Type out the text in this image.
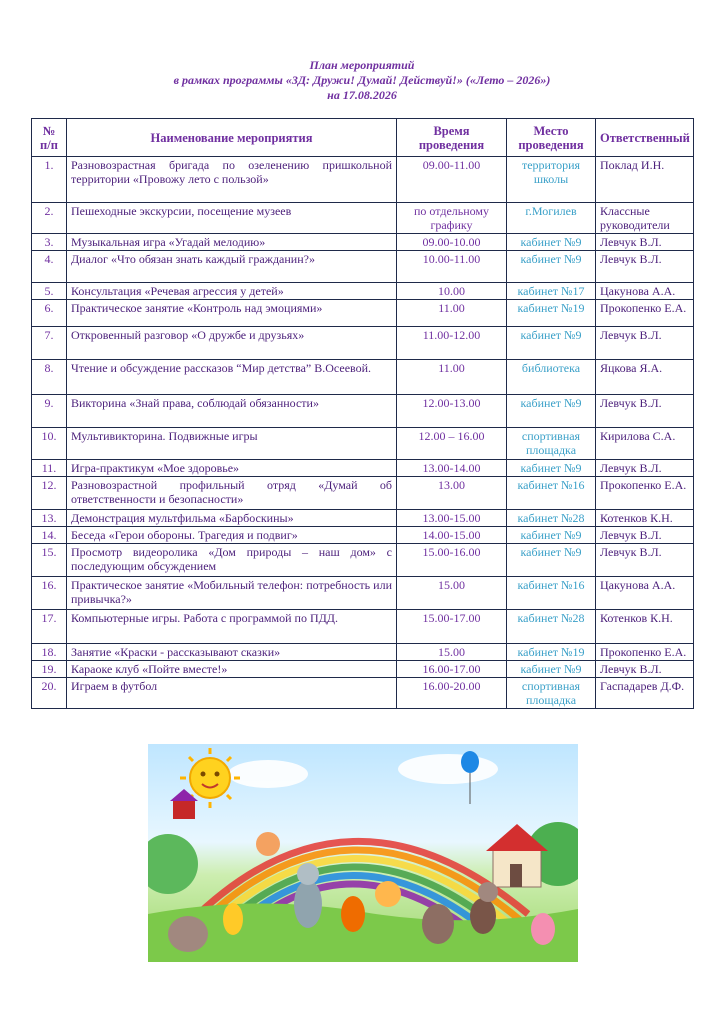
План мероприятий
в рамках программы «3Д: Дружи! Думай! Действуй!» («Лето – 2026»)
на 17.08.2026
№ п/п	Наименование мероприятия	Время проведения	Место проведения	Ответственный
1.	Разновозрастная бригада по озеленению пришкольной территории «Провожу лето с пользой»	09.00-11.00	территория школы	Поклад И.Н.
2.	Пешеходные экскурсии, посещение музеев	по отдельному графику	г.Могилев	Классные руководители
3.	Музыкальная игра «Угадай мелодию»	09.00-10.00	кабинет №9	Левчук В.Л.
4.	Диалог «Что обязан знать каждый гражданин?»	10.00-11.00	кабинет №9	Левчук В.Л.
5.	Консультация «Речевая агрессия у детей»	10.00	кабинет №17	Цакунова А.А.
6.	Практическое занятие «Контроль над эмоциями»	11.00	кабинет №19	Прокопенко Е.А.
7.	Откровенный разговор «О дружбе и друзьях»	11.00-12.00	кабинет №9	Левчук В.Л.
8.	Чтение и обсуждение рассказов “Мир детства” В.Осеевой.	11.00	библиотека	Яцкова Я.А.
9.	Викторина «Знай права, соблюдай обязанности»	12.00-13.00	кабинет №9	Левчук В.Л.
10.	Мультивикторина. Подвижные игры	12.00 – 16.00	спортивная площадка	Кирилова С.А.
11.	Игра-практикум «Мое здоровье»	13.00-14.00	кабинет №9	Левчук В.Л.
12.	Разновозрастной профильный отряд «Думай об ответственности и безопасности»	13.00	кабинет №16	Прокопенко Е.А.
13.	Демонстрация мультфильма «Барбоскины»	13.00-15.00	кабинет №28	Котенков К.Н.
14.	Беседа «Герои обороны. Трагедия и подвиг»	14.00-15.00	кабинет №9	Левчук В.Л.
15.	Просмотр видеоролика «Дом природы – наш дом» с последующим обсуждением	15.00-16.00	кабинет №9	Левчук В.Л.
16.	Практическое занятие «Мобильный телефон: потребность или привычка?»	15.00	кабинет №16	Цакунова А.А.
17.	Компьютерные игры. Работа с программой по ПДД.	15.00-17.00	кабинет №28	Котенков К.Н.
18.	Занятие «Краски - рассказывают сказки»	15.00	кабинет №19	Прокопенко Е.А.
19.	Караоке клуб «Пойте вместе!»	16.00-17.00	кабинет №9	Левчук В.Л.
20.	Играем в футбол	16.00-20.00	спортивная площадка	Гаспадарев Д.Ф.
